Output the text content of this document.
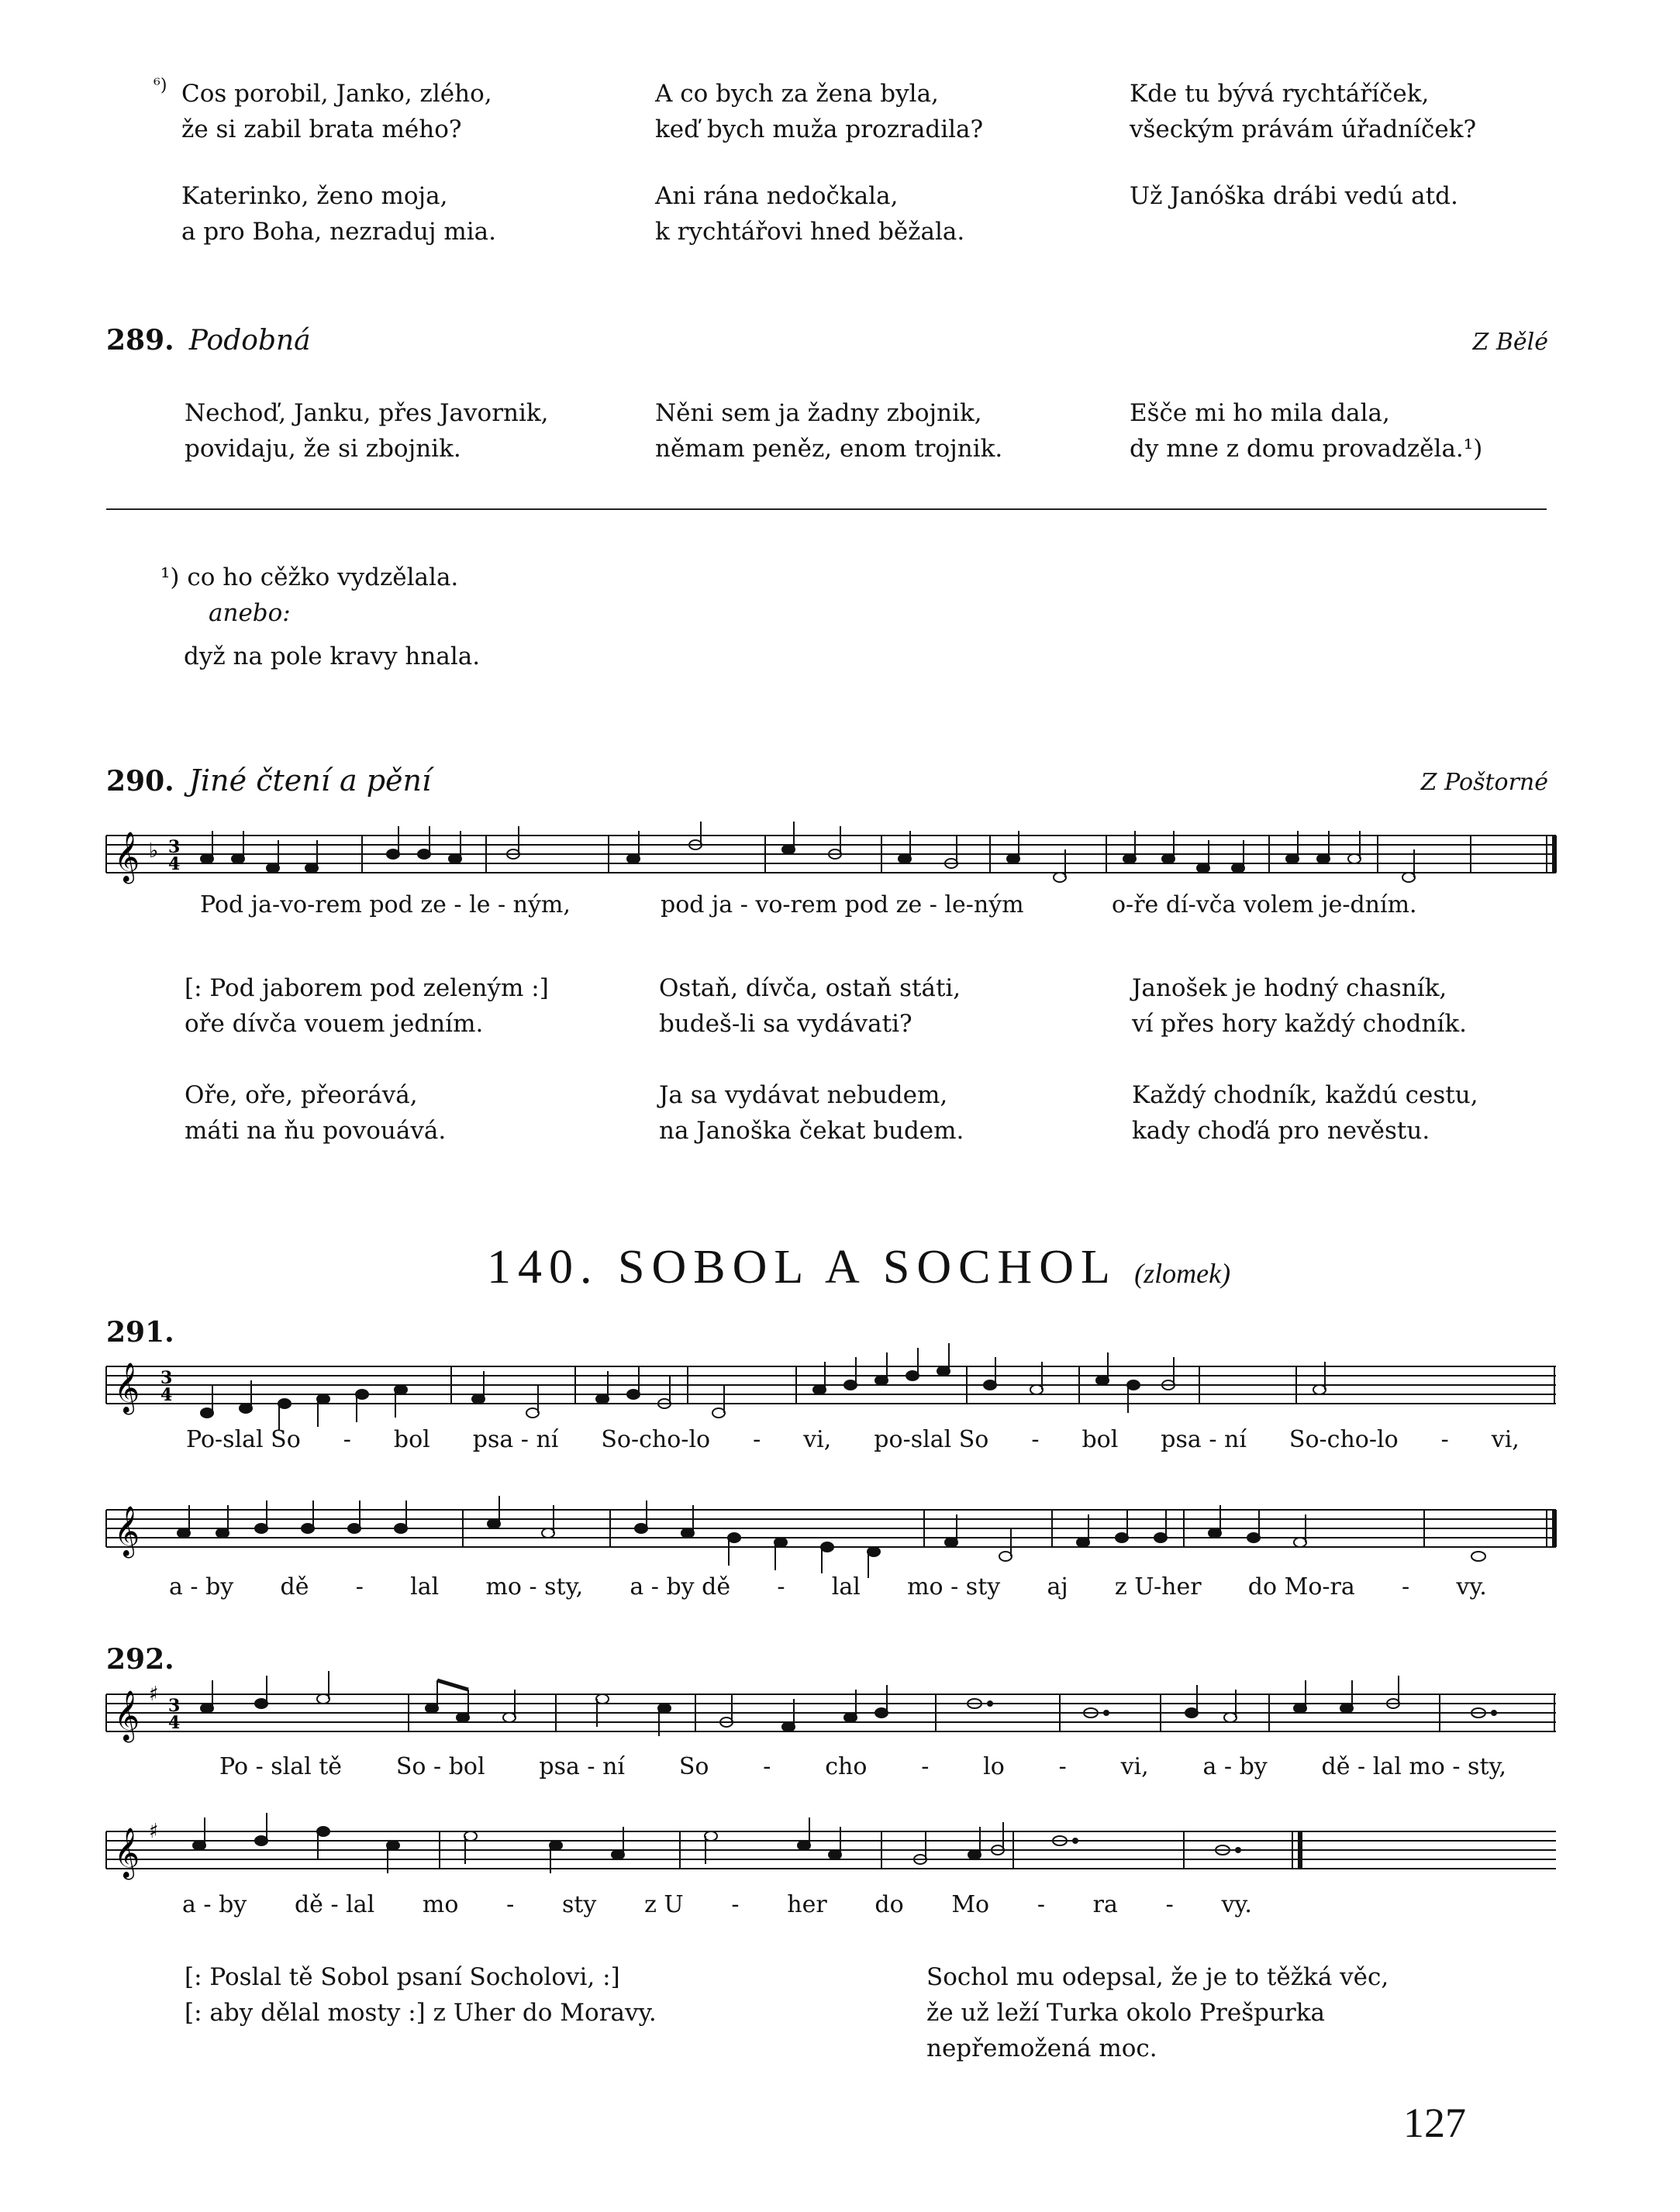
⁶) Cos porobil, Janko, zlého,
že si zabil brata mého?
Katerinko, ženo moja,
a pro Boha, nezraduj mia.
A co bych za žena byla,
keď bych muža prozradila?
Ani rána nedočkala,
k rychtářovi hned běžala.
Kde tu bývá rychtáříček,
všeckým právám úřadníček?
Už Janóška drábi vedú atd.
289. Podobná	Z Bělé
Nechoď, Janku, přes Javornik,
povidaju, že si zbojnik.
Něni sem ja žadny zbojnik,
němam peněz, enom trojnik.
Ešče mi ho mila dala,
dy mne z domu provadzěla.¹)
¹) co ho cěžko vydzělala.
anebo:
dyž na pole kravy hnala.
290. Jiné čtení a pění	Z Poštorné
𝄞 ♭ 3
4
Pod ja-vo-rem pod ze - le - ným,	pod ja - vo-rem pod ze - le-ným	o-ře dí-vča volem je-dním.
[: Pod jaborem pod zeleným :]
oře dívča vouem jedním.
Oře, oře, přeorává,
máti na ňu povouává.
Ostaň, dívča, ostaň státi,
budeš-li sa vydávati?
Ja sa vydávat nebudem,
na Janoška čekat budem.
Janošek je hodný chasník,
ví přes hory každý chodník.
Každý chodník, každú cestu,
kady choďá pro nevěstu.
140. SOBOL A SOCHOL (zlomek)
291.
𝄞 3
4
Po-slal So - bol psa - ní So-cho-lo - vi, po-slal So - bol psa - ní So-cho-lo - vi,
𝄞
a - by dě - lal mo - sty, a - by dě - lal mo - sty aj z U-her do Mo-ra - vy.
292.
𝄞 ♯ 3
4
Po - slal tě So - bol psa - ní So - cho - lo - vi, a - by dě - lal mo - sty,
𝄞 ♯
a - by dě - lal mo - sty z U - her do Mo - ra - vy.
[: Poslal tě Sobol psaní Socholovi, :]
[: aby dělal mosty :] z Uher do Moravy.
Sochol mu odepsal, že je to těžká věc,
že už leží Turka okolo Prešpurka
nepřemožená moc.
127
